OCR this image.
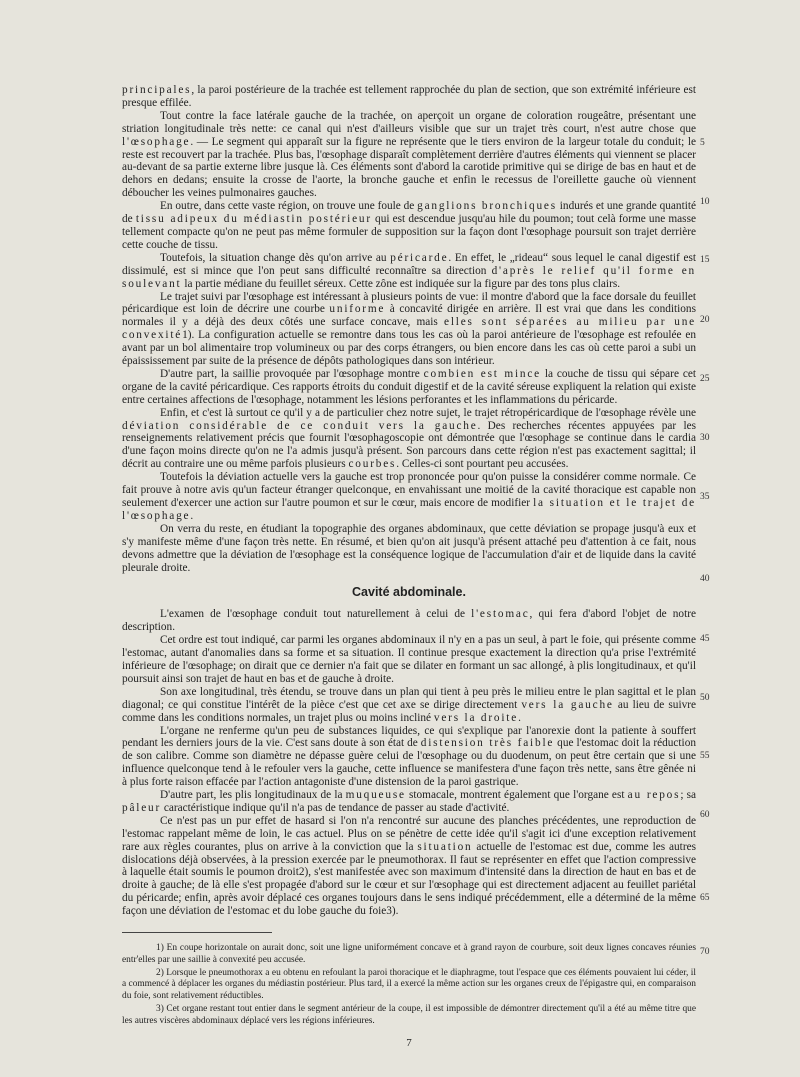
principales, la paroi postérieure de la trachée est tellement rapprochée du plan de section, que son extrémité inférieure est presque effilée.

Tout contre la face latérale gauche de la trachée, on aperçoit un organe de coloration rougeâtre, présentant une striation longitudinale très nette: ce canal qui n'est d'ailleurs visible que sur un trajet très court, n'est autre chose que l'œsophage. — Le segment qui apparaît sur la figure ne représente que le tiers environ de la largeur totale du conduit; le reste est recouvert par la trachée. Plus bas, l'œsophage disparaît complètement derrière d'autres éléments qui viennent se placer au-devant de sa partie externe libre jusque là. Ces éléments sont d'abord la carotide primitive qui se dirige de bas en haut et de dehors en dedans; ensuite la crosse de l'aorte, la bronche gauche et enfin le recessus de l'oreillette gauche où viennent déboucher les veines pulmonaires gauches.

En outre, dans cette vaste région, on trouve une foule de ganglions bronchiques indurés et une grande quantité de tissu adipeux du médiastin postérieur qui est descendue jusqu'au hile du poumon; tout celà forme une masse tellement compacte qu'on ne peut pas même formuler de supposition sur la façon dont l'œsophage poursuit son trajet derrière cette couche de tissu.

Toutefois, la situation change dès qu'on arrive au péricarde. En effet, le „rideau“ sous lequel le canal digestif est dissimulé, est si mince que l'on peut sans difficulté reconnaître sa direction d'après le relief qu'il forme en soulevant la partie médiane du feuillet séreux. Cette zône est indiquée sur la figure par des tons plus clairs.

Le trajet suivi par l'œsophage est intéressant à plusieurs points de vue: il montre d'abord que la face dorsale du feuillet péricardique est loin de décrire une courbe uniforme à concavité dirigée en arrière. Il est vrai que dans les conditions normales il y a déjà des deux côtés une surface concave, mais elles sont séparées au milieu par une convexité1). La configuration actuelle se remontre dans tous les cas où la paroi antérieure de l'œsophage est refoulée en avant par un bol alimentaire trop volumineux ou par des corps étrangers, ou bien encore dans les cas où cette paroi a subi un épaississement par suite de la présence de dépôts pathologiques dans son intérieur.

D'autre part, la saillie provoquée par l'œsophage montre combien est mince la couche de tissu qui sépare cet organe de la cavité péricardique. Ces rapports étroits du conduit digestif et de la cavité séreuse expliquent la relation qui existe entre certaines affections de l'œsophage, notamment les lésions perforantes et les inflammations du péricarde.

Enfin, et c'est là surtout ce qu'il y a de particulier chez notre sujet, le trajet rétropéricardique de l'œsophage révèle une déviation considérable de ce conduit vers la gauche. Des recherches récentes appuyées par les renseignements relativement précis que fournit l'œsophagoscopie ont démontrée que l'œsophage se continue dans le cardia d'une façon moins directe qu'on ne l'a admis jusqu'à présent. Son parcours dans cette région n'est pas exactement sagittal; il décrit au contraire une ou même parfois plusieurs courbes. Celles-ci sont pourtant peu accusées.

Toutefois la déviation actuelle vers la gauche est trop prononcée pour qu'on puisse la considérer comme normale. Ce fait prouve à notre avis qu'un facteur étranger quelconque, en envahissant une moitié de la cavité thoracique est capable non seulement d'exercer une action sur l'autre poumon et sur le cœur, mais encore de modifier la situation et le trajet de l'œsophage.

On verra du reste, en étudiant la topographie des organes abdominaux, que cette déviation se propage jusqu'à eux et s'y manifeste même d'une façon très nette. En résumé, et bien qu'on ait jusqu'à présent attaché peu d'attention à ce fait, nous devons admettre que la déviation de l'œsophage est la conséquence logique de l'accumulation d'air et de liquide dans la cavité pleurale droite.

Cavité abdominale.

L'examen de l'œsophage conduit tout naturellement à celui de l'estomac, qui fera d'abord l'objet de notre description.

Cet ordre est tout indiqué, car parmi les organes abdominaux il n'y en a pas un seul, à part le foie, qui présente comme l'estomac, autant d'anomalies dans sa forme et sa situation. Il continue presque exactement la direction qu'a prise l'extrémité inférieure de l'œsophage; on dirait que ce dernier n'a fait que se dilater en formant un sac allongé, à plis longitudinaux, et qu'il poursuit ainsi son trajet de haut en bas et de gauche à droite.

Son axe longitudinal, très étendu, se trouve dans un plan qui tient à peu près le milieu entre le plan sagittal et le plan diagonal; ce qui constitue l'intérêt de la pièce c'est que cet axe se dirige directement vers la gauche au lieu de suivre comme dans les conditions normales, un trajet plus ou moins incliné vers la droite.

L'organe ne renferme qu'un peu de substances liquides, ce qui s'explique par l'anorexie dont la patiente à souffert pendant les derniers jours de la vie. C'est sans doute à son état de distension très faible que l'estomac doit la réduction de son calibre. Comme son diamètre ne dépasse guère celui de l'œsophage ou du duodenum, on peut être certain que si une influence quelconque tend à le refouler vers la gauche, cette influence se manifestera d'une façon très nette, sans être gênée ni à plus forte raison effacée par l'action antagoniste d'une distension de la paroi gastrique.

D'autre part, les plis longitudinaux de la muqueuse stomacale, montrent également que l'organe est au repos; sa pâleur caractéristique indique qu'il n'a pas de tendance de passer au stade d'activité.

Ce n'est pas un pur effet de hasard si l'on n'a rencontré sur aucune des planches précédentes, une reproduction de l'estomac rappelant même de loin, le cas actuel. Plus on se pénètre de cette idée qu'il s'agit ici d'une exception relativement rare aux règles courantes, plus on arrive à la conviction que la situation actuelle de l'estomac est due, comme les autres dislocations déjà observées, à la pression exercée par le pneumothorax. Il faut se représenter en effet que l'action compressive à laquelle était soumis le poumon droit2), s'est manifestée avec son maximum d'intensité dans la direction de haut en bas et de droite à gauche; de là elle s'est propagée d'abord sur le cœur et sur l'œsophage qui est directement adjacent au feuillet pariétal du péricarde; enfin, après avoir déplacé ces organes toujours dans le sens indiqué précédemment, elle a déterminé de la même façon une déviation de l'estomac et du lobe gauche du foie3).

1) En coupe horizontale on aurait donc, soit une ligne uniformément concave et à grand rayon de courbure, soit deux lignes concaves réunies entr'elles par une saillie à convexité peu accusée.

2) Lorsque le pneumothorax a eu obtenu en refoulant la paroi thoracique et le diaphragme, tout l'espace que ces éléments pouvaient lui céder, il a commencé à déplacer les organes du médiastin postérieur. Plus tard, il a exercé la même action sur les organes creux de l'épigastre qui, en comparaison du foie, sont relativement réductibles.

3) Cet organe restant tout entier dans le segment antérieur de la coupe, il est impossible de démontrer directement qu'il a été au même titre que les autres viscères abdominaux déplacé vers les régions inférieures.

7
5
10
15
20
25
30
35
40
45
50
55
60
65
70
